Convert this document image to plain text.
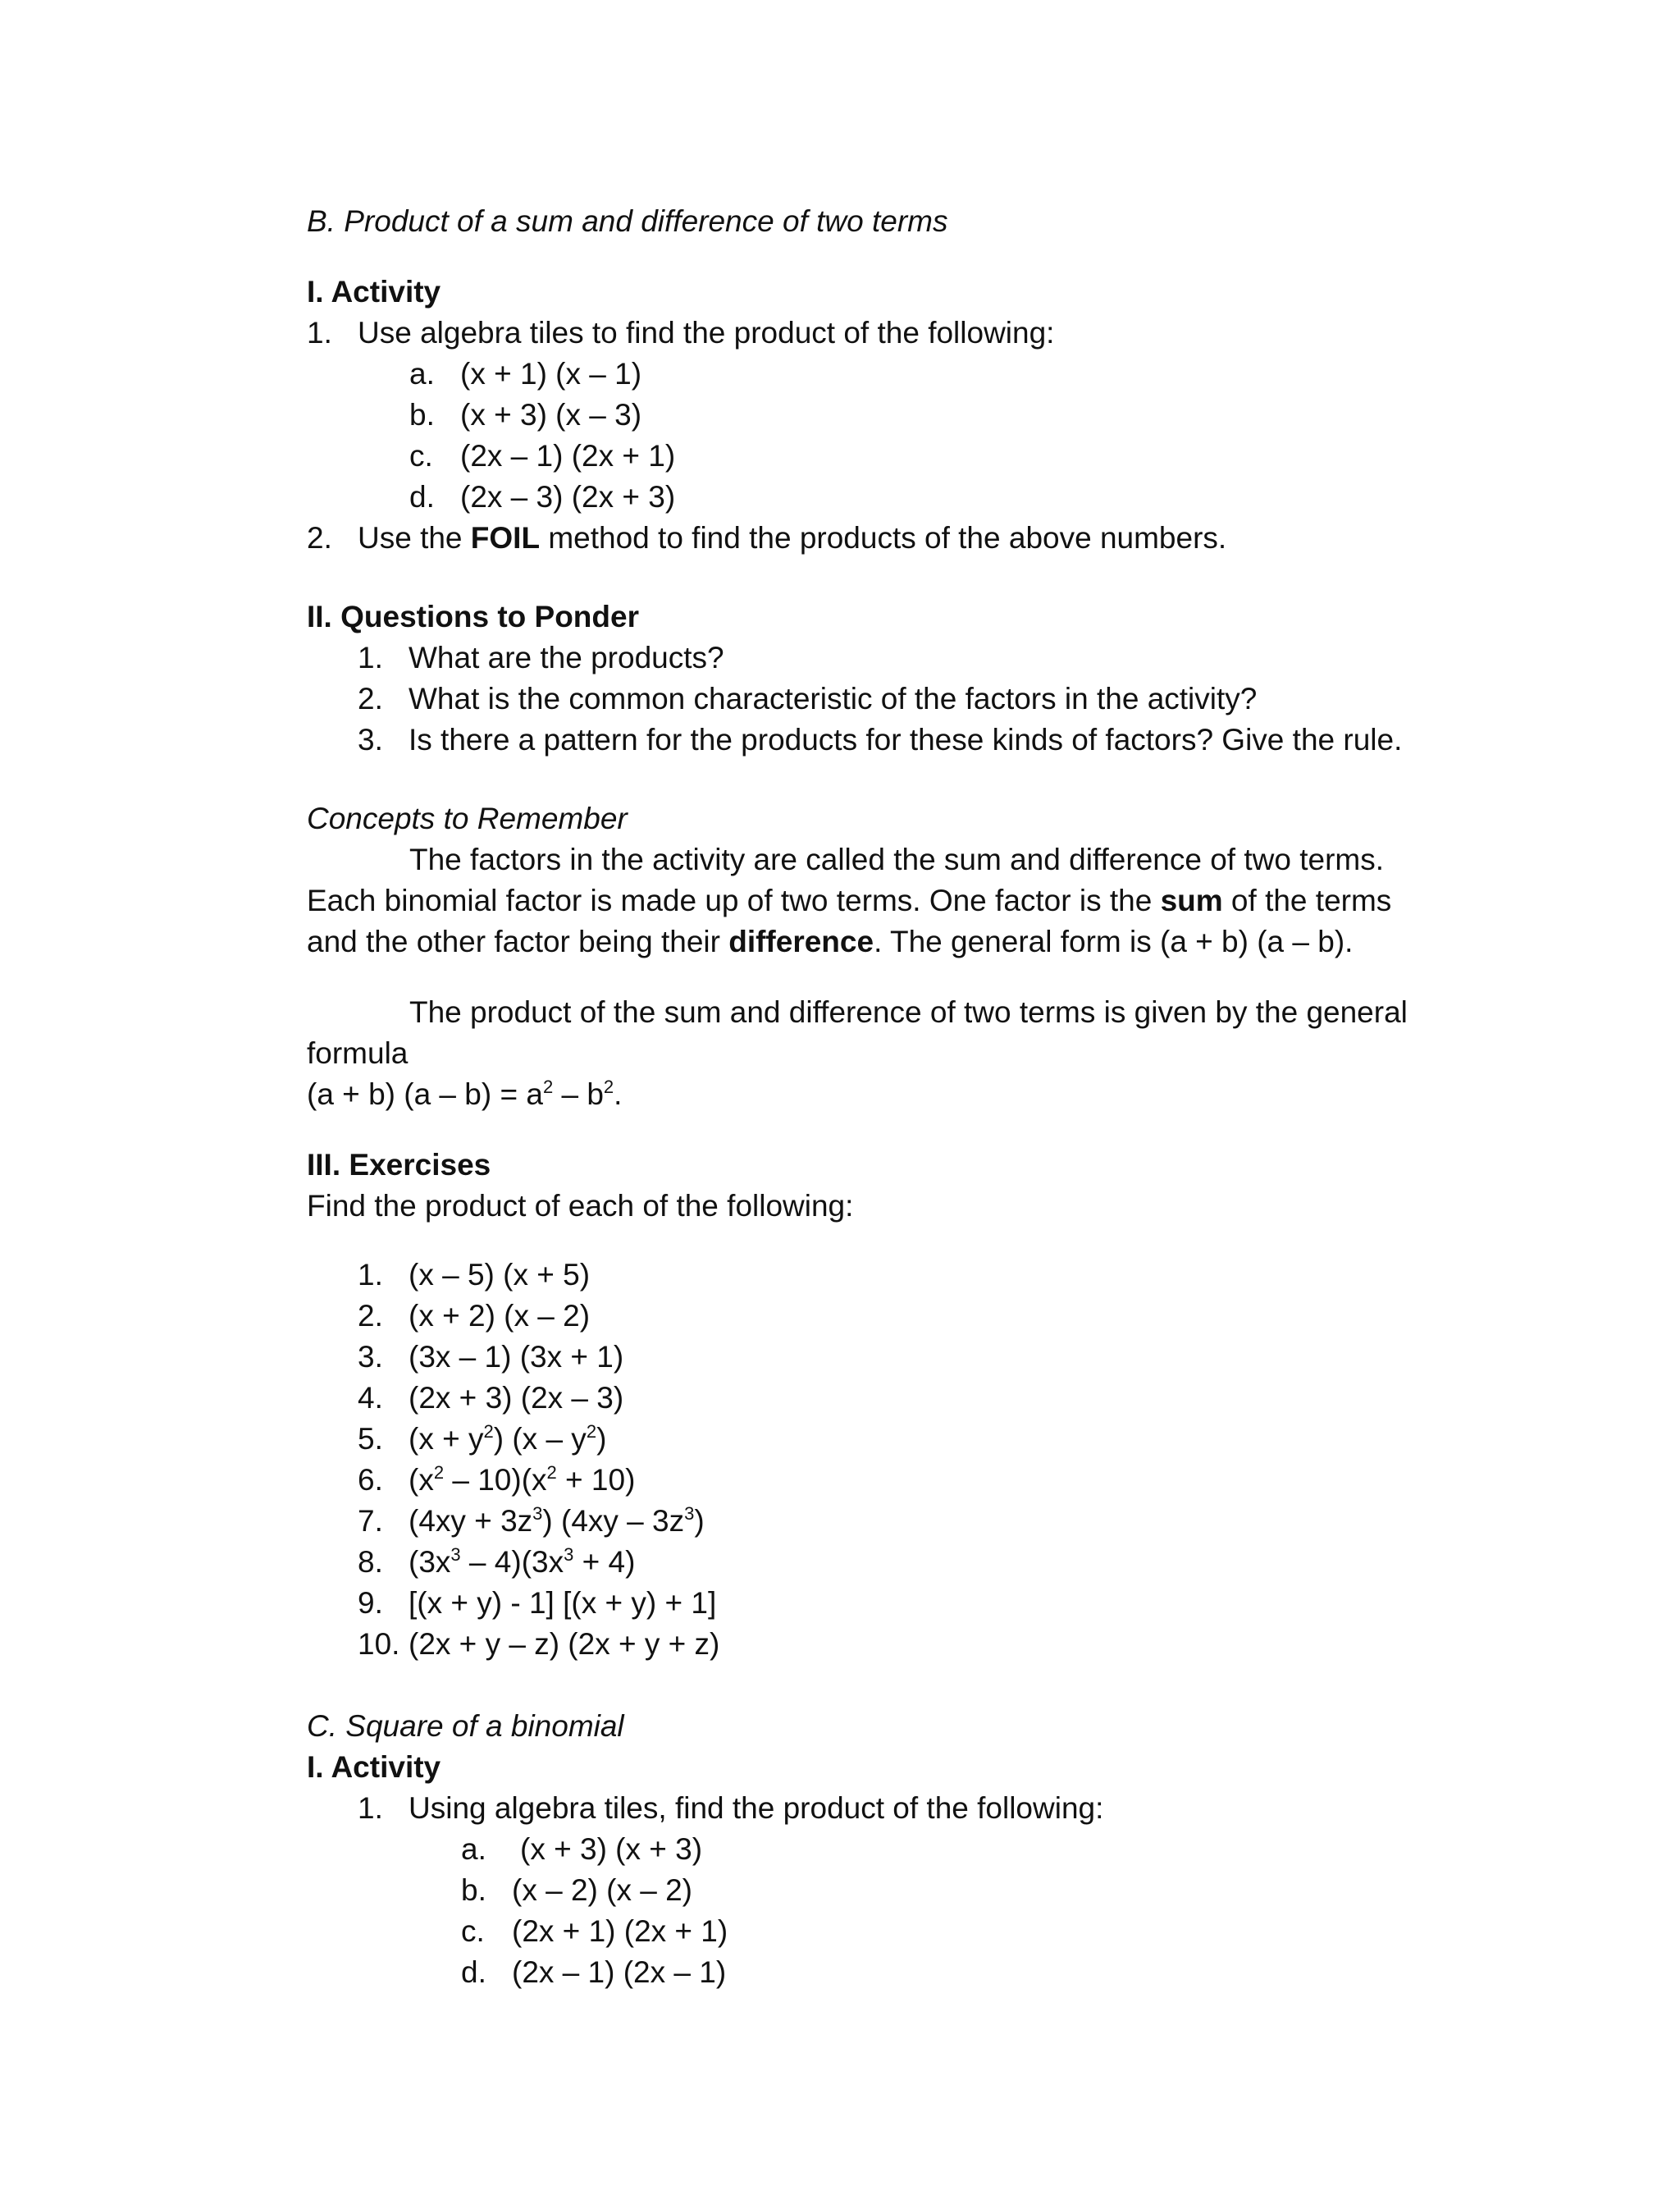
B. Product of a sum and difference of two terms
I. Activity
1. Use algebra tiles to find the product of the following:
a. (x + 1) (x – 1)
b. (x + 3) (x – 3)
c. (2x – 1) (2x + 1)
d. (2x – 3) (2x + 3)
2. Use the FOIL method to find the products of the above numbers.
II. Questions to Ponder
1. What are the products?
2. What is the common characteristic of the factors in the activity?
3. Is there a pattern for the products for these kinds of factors? Give the rule.
Concepts to Remember
The factors in the activity are called the sum and difference of two terms.
Each binomial factor is made up of two terms. One factor is the sum of the terms
and the other factor being their difference. The general form is (a + b) (a – b).
The product of the sum and difference of two terms is given by the general
formula
(a + b) $(a - b) = a^2 - b^2$.
III. Exercises
Find the product of each of the following:
1. (x – 5) (x + 5)
2. (x + 2) (x – 2)
3. (3x – 1) (3x + 1)
4. (2x + 3) (2x – 3)
5. $(x + y^2)$ $(x - y^2)$
6. $(x^2 - 10)(x^2 + 10)$
7. $(4xy + 3z^3)$ $(4xy - 3z^3)$
8. $(3x^3 - 4)(3x^3 + 4)$
9. [(x + y) - 1] [(x + y) + 1]
10. (2x + y – z) (2x + y + z)
C. Square of a binomial
I. Activity
1. Using algebra tiles, find the product of the following:
a. (x + 3) (x + 3)
b. (x – 2) (x – 2)
c. (2x + 1) (2x + 1)
d. (2x – 1) (2x – 1)
